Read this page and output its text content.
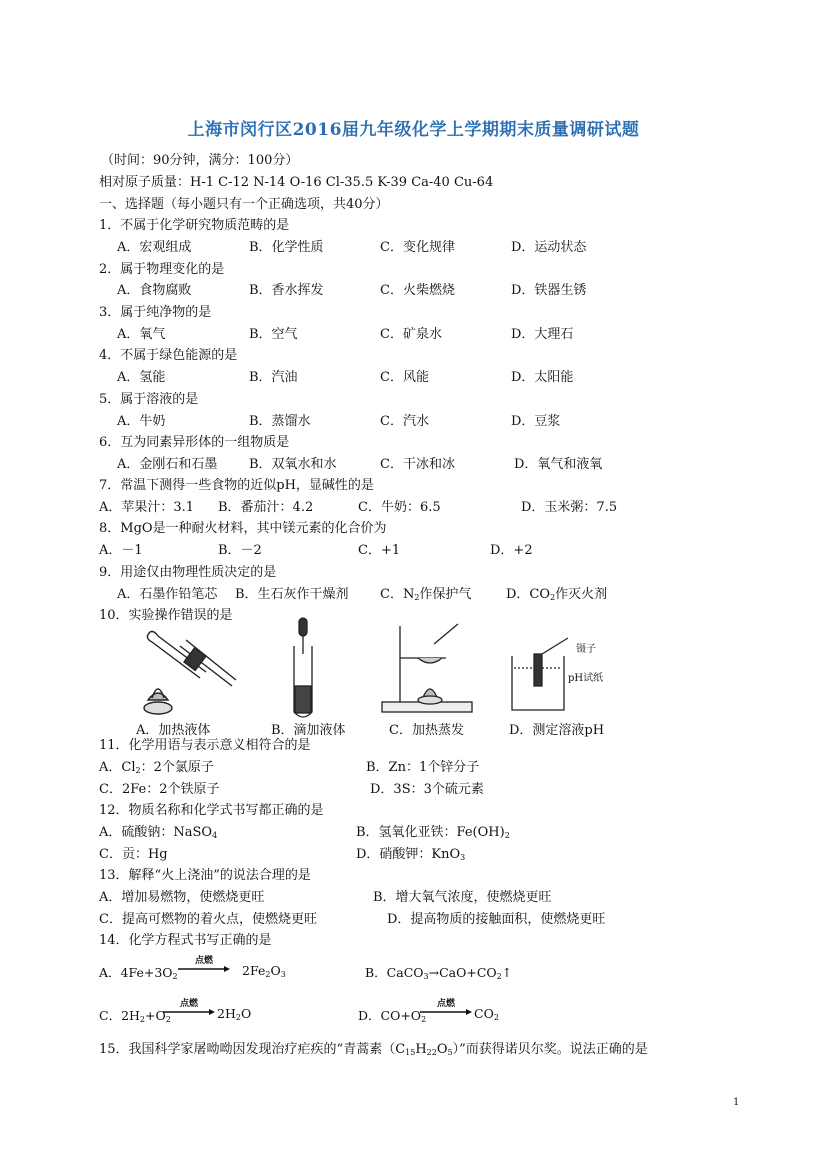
上海市闵行区2016届九年级化学上学期期末质量调研试题
（时间：90分钟，满分：100分）
相对原子质量：H-1 C-12 N-14 O-16 Cl-35.5 K-39 Ca-40 Cu-64
一、选择题（每小题只有一个正确选项，共40分）
1．不属于化学研究物质范畴的是
A．宏观组成	B．化学性质	C．变化规律	D．运动状态
2．属于物理变化的是
A．食物腐败	B．香水挥发	C．火柴燃烧	D．铁器生锈
3．属于纯净物的是
A．氧气	B．空气	C．矿泉水	D．大理石
4．不属于绿色能源的是
A．氢能	B．汽油	C．风能	D．太阳能
5．属于溶液的是
A．牛奶	B．蒸馏水	C．汽水	D．豆浆
6．互为同素异形体的一组物质是
A．金刚石和石墨 B．双氧水和水	C．干冰和冰	D．氧气和液氧
7．常温下测得一些食物的近似pH，显碱性的是
A．苹果汁：3.1 B．番茄汁：4.2	C．牛奶：6.5	D．玉米粥：7.5
8．MgO是一种耐火材料，其中镁元素的化合价为
A．－1	B．－2	C．+1	D．+2
9．用途仅由物理性质决定的是
A．石墨作铅笔芯 B．生石灰作干燥剂 C．$N_2$作保护气	D．$CO_2$作灭火剂
10．实验操作错误的是
A．加热液体	B．滴加液体	C．加热蒸发
镊子
pH试纸
D．测定溶液pH
11．化学用语与表示意义相符合的是
A．$Cl_2$：2个氯原子	B．Zn：1个锌分子
C．2Fe：2个铁原子	D．3S：3个硫元素
12．物质名称和化学式书写都正确的是
A．硫酸钠：NaSO$_4$	B．氢氧化亚铁：$Fe(OH)_2$
C．贡：Hg	D．硝酸钾：KnO$_3$
13．解释“火上浇油”的说法合理的是
A．增加易燃物，使燃烧更旺	B．增大氧气浓度，使燃烧更旺
C．提高可燃物的着火点，使燃烧更旺	D．提高物质的接触面积，使燃烧更旺
14．化学方程式书写正确的是
A．$4Fe+3O_2$
点燃
$2Fe_2O_3$	B．$CaCO_3\to CaO+CO_2↑$
C．$2H_2+O_2$
点燃
$2H_2O$	D．$CO+O_2$
点燃
$CO_2$
15．我国科学家屠呦呦因发现治疗疟疾的“青蒿素$(C_{15}H_{22}O_5)$”而获得诺贝尔奖。说法正确的是
1
